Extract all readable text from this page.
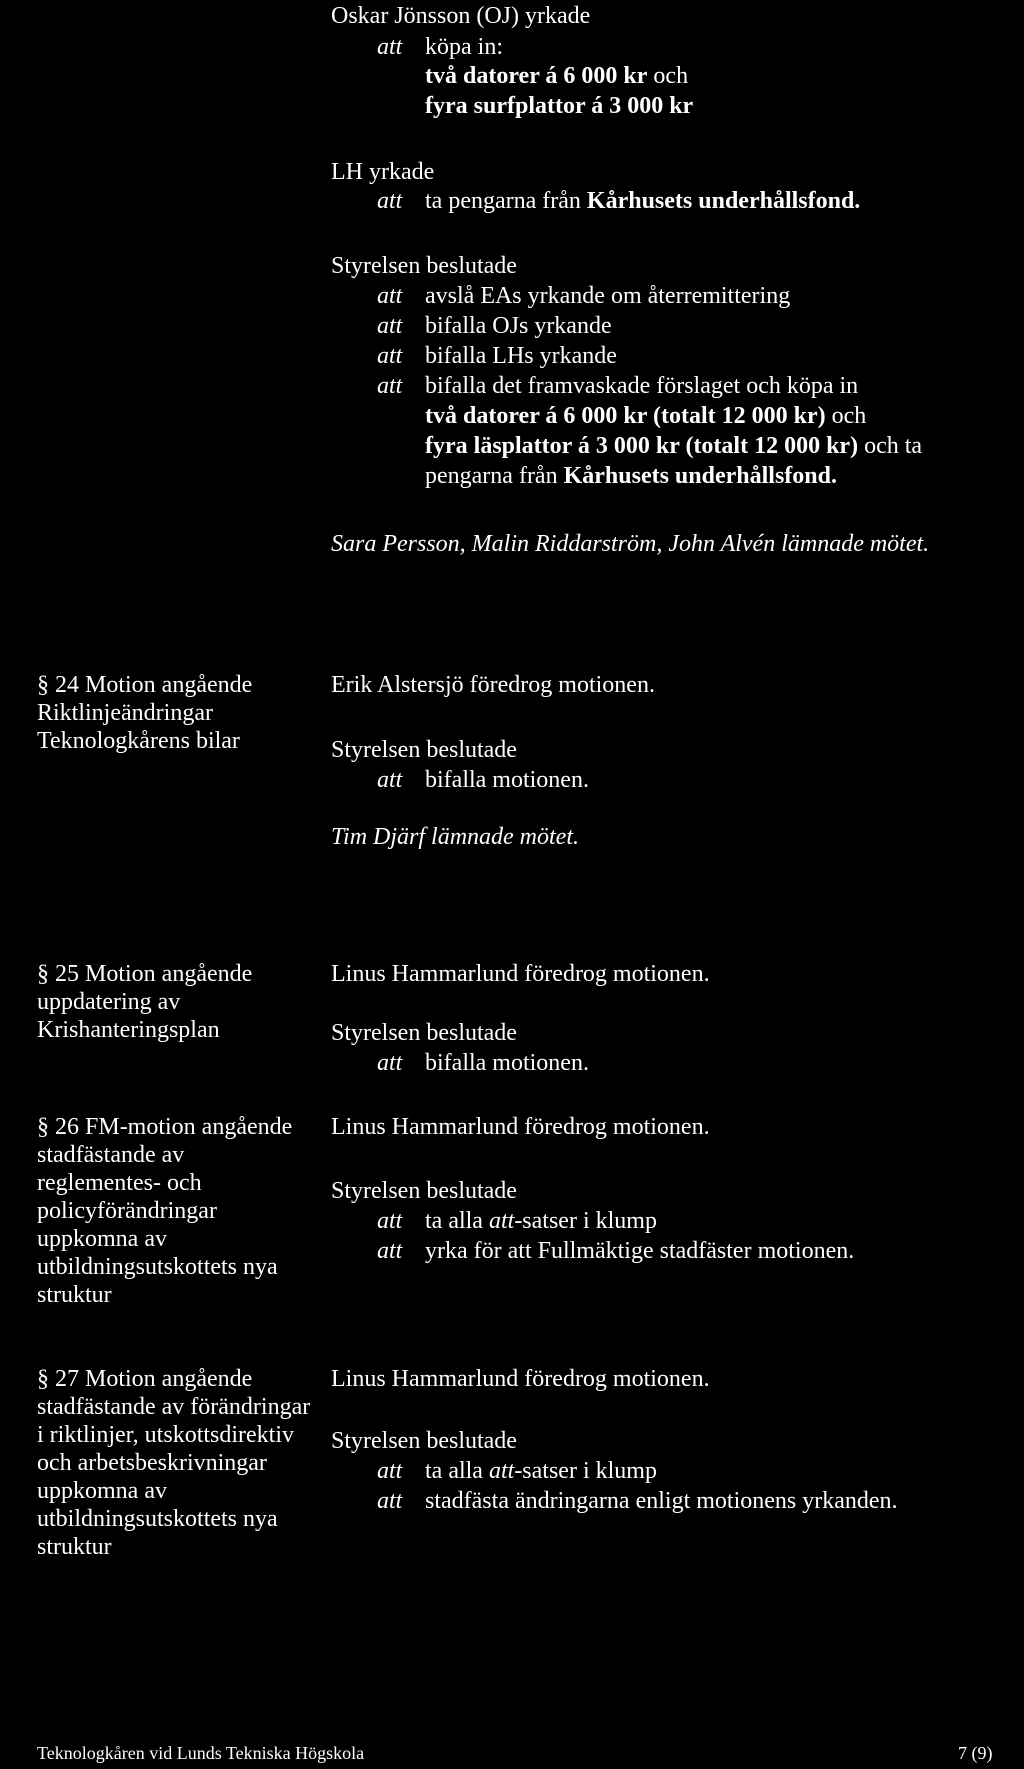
Oskar Jönsson (OJ) yrkade
att köpa in:
två datorer á 6 000 kr och
fyra surfplattor á 3 000 kr
LH yrkade
att ta pengarna från Kårhusets underhållsfond.
Styrelsen beslutade
att avslå EAs yrkande om återremittering
att bifalla OJs yrkande
att bifalla LHs yrkande
att bifalla det framvaskade förslaget och köpa in
två datorer á 6 000 kr (totalt 12 000 kr) och
fyra läsplattor á 3 000 kr (totalt 12 000 kr) och ta
pengarna från Kårhusets underhållsfond.
Sara Persson, Malin Riddarström, John Alvén lämnade mötet.
§ 24 Motion angående
Riktlinjeändringar
Teknologkårens bilar
Erik Alstersjö föredrog motionen.
Styrelsen beslutade
att bifalla motionen.
Tim Djärf lämnade mötet.
§ 25 Motion angående
uppdatering av
Krishanteringsplan
Linus Hammarlund föredrog motionen.
Styrelsen beslutade
att bifalla motionen.
§ 26 FM-motion angående
stadfästande av
reglementes- och
policyförändringar
uppkomna av
utbildningsutskottets nya
struktur
Linus Hammarlund föredrog motionen.
Styrelsen beslutade
att ta alla att-satser i klump
att yrka för att Fullmäktige stadfäster motionen.
§ 27 Motion angående
stadfästande av förändringar
i riktlinjer, utskottsdirektiv
och arbetsbeskrivningar
uppkomna av
utbildningsutskottets nya
struktur
Linus Hammarlund föredrog motionen.
Styrelsen beslutade
att ta alla att-satser i klump
att stadfästa ändringarna enligt motionens yrkanden.
Teknologkåren vid Lunds Tekniska Högskola	7 (9)
